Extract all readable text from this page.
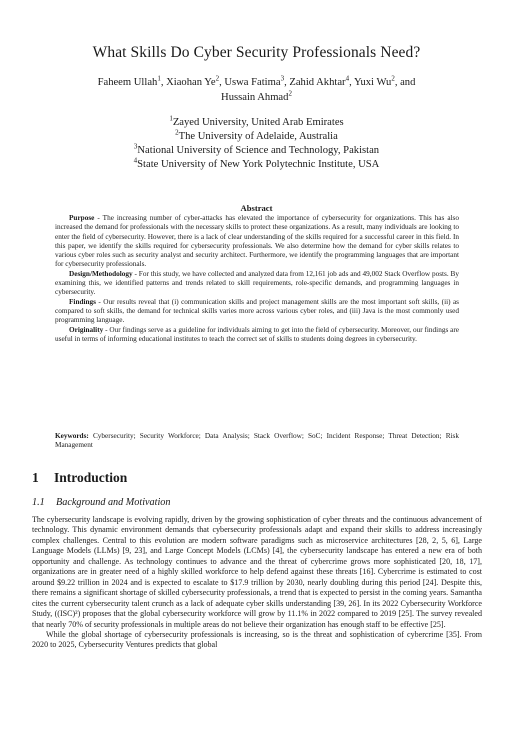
What Skills Do Cyber Security Professionals Need?
Faheem Ullah$^1$, Xiaohan Ye$^2$, Uswa Fatima$^3$, Zahid Akhtar$^4$, Yuxi Wu$^2$, and
Hussain Ahmad$^2$
$^1$Zayed University, United Arab Emirates
$^2$The University of Adelaide, Australia
$^3$National University of Science and Technology, Pakistan
$^4$State University of New York Polytechnic Institute, USA
Abstract

Purpose - The increasing number of cyber-attacks has elevated the importance of cybersecurity for organizations. This has also increased the demand for professionals with the necessary skills to protect these organizations. As a result, many individuals are looking to enter the field of cybersecurity. However, there is a lack of clear understanding of the skills required for a successful career in this field. In this paper, we identify the skills required for cybersecurity professionals. We also determine how the demand for cyber skills relates to various cyber roles such as security analyst and security architect. Furthermore, we identify the programming languages that are important for cybersecurity professionals.

Design/Methodology - For this study, we have collected and analyzed data from 12,161 job ads and 49,002 Stack Overflow posts. By examining this, we identified patterns and trends related to skill requirements, role-specific demands, and programming languages in cybersecurity.

Findings - Our results reveal that (i) communication skills and project management skills are the most important soft skills, (ii) as compared to soft skills, the demand for technical skills varies more across various cyber roles, and (iii) Java is the most commonly used programming language.

Originality - Our findings serve as a guideline for individuals aiming to get into the field of cybersecurity. Moreover, our findings are useful in terms of informing educational institutes to teach the correct set of skills to students doing degrees in cybersecurity.

Keywords: Cybersecurity; Security Workforce; Data Analysis; Stack Overflow; SoC; Incident Response; Threat Detection; Risk Management
1 Introduction
1.1 Background and Motivation

The cybersecurity landscape is evolving rapidly, driven by the growing sophistication of cyber threats and the continuous advancement of technology. This dynamic environment demands that cybersecurity professionals adapt and expand their skills to address increasingly complex challenges. Central to this evolution are modern software paradigms such as microservice architectures [28, 2, 5, 6], Large Language Models (LLMs) [9, 23], and Large Concept Models (LCMs) [4], the cybersecurity landscape has entered a new era of both opportunity and challenge. As technology continues to advance and the threat of cybercrime grows more sophisticated [20, 18, 17], organizations are in greater need of a highly skilled workforce to help defend against these threats [16]. Cybercrime is estimated to cost around $9.22 trillion in 2024 and is expected to escalate to $17.9 trillion by 2030, nearly doubling during this period [24]. Despite this, there remains a significant shortage of skilled cybersecurity professionals, a trend that is expected to persist in the coming years. Samantha cites the current cybersecurity talent crunch as a lack of adequate cyber skills understanding [39, 26]. In its 2022 Cybersecurity Workforce Study, ((ISC)²) proposes that the global cybersecurity workforce will grow by 11.1% in 2022 compared to 2019 [25]. The survey revealed that nearly 70% of security professionals in multiple areas do not believe their organization has enough staff to be effective [25].

While the global shortage of cybersecurity professionals is increasing, so is the threat and sophistication of cybercrime [35]. From 2020 to 2025, Cybersecurity Ventures predicts that global
